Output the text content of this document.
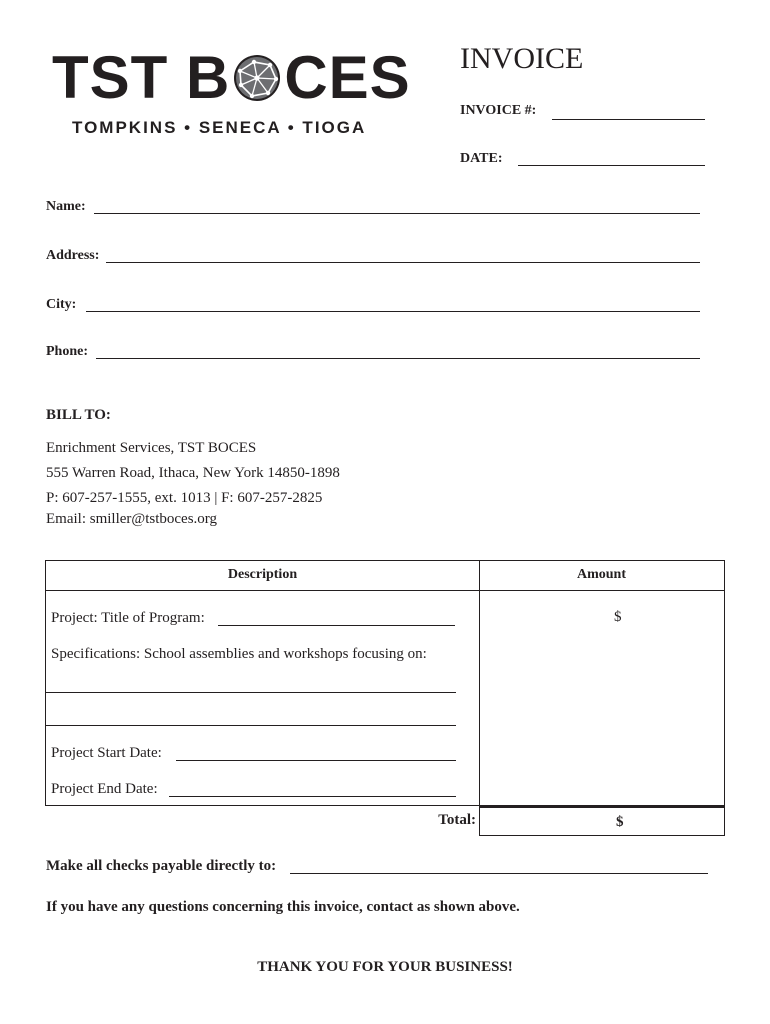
TST B CES
TOMPKINS • SENECA • TIOGA
INVOICE
INVOICE #:
DATE:
Name:
Address:
City:
Phone:
BILL TO:
Enrichment Services, TST BOCES
555 Warren Road, Ithaca, New York 14850-1898
P: 607-257-1555, ext. 1013 | F: 607-257-2825
Email: smiller@tstboces.org
Description	Amount
Project: Title of Program:
Specifications: School assemblies and workshops focusing on:
Project Start Date:
Project End Date:
$
Total:	$
Make all checks payable directly to:
If you have any questions concerning this invoice, contact as shown above.
THANK YOU FOR YOUR BUSINESS!
